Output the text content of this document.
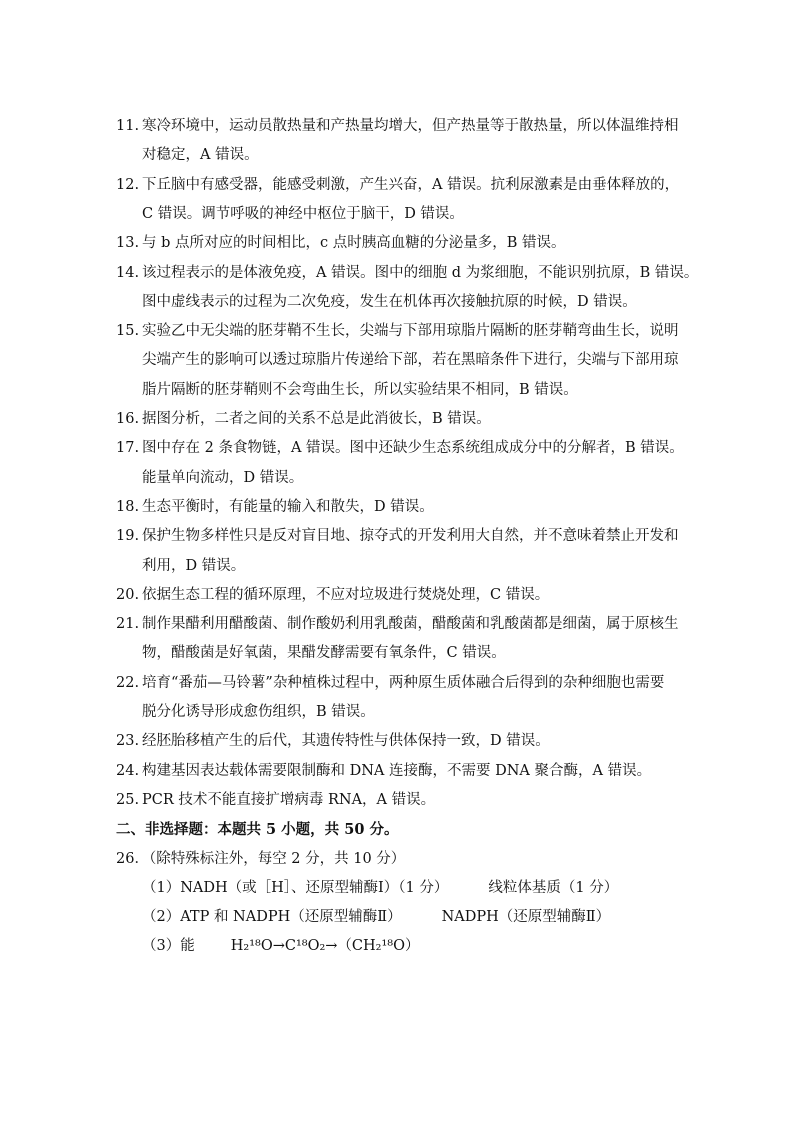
11. 寒冷环境中，运动员散热量和产热量均增大，但产热量等于散热量，所以体温维持相
对稳定，A 错误。
12. 下丘脑中有感受器，能感受刺激，产生兴奋，A 错误。抗利尿激素是由垂体释放的，
C 错误。调节呼吸的神经中枢位于脑干，D 错误。
13. 与 b 点所对应的时间相比，c 点时胰高血糖的分泌量多，B 错误。
14. 该过程表示的是体液免疫，A 错误。图中的细胞 d 为浆细胞，不能识别抗原，B 错误。
图中虚线表示的过程为二次免疫，发生在机体再次接触抗原的时候，D 错误。
15. 实验乙中无尖端的胚芽鞘不生长，尖端与下部用琼脂片隔断的胚芽鞘弯曲生长，说明
尖端产生的影响可以透过琼脂片传递给下部，若在黑暗条件下进行，尖端与下部用琼
脂片隔断的胚芽鞘则不会弯曲生长，所以实验结果不相同，B 错误。
16. 据图分析，二者之间的关系不总是此消彼长，B 错误。
17. 图中存在 2 条食物链，A 错误。图中还缺少生态系统组成成分中的分解者，B 错误。
能量单向流动，D 错误。
18. 生态平衡时，有能量的输入和散失，D 错误。
19. 保护生物多样性只是反对盲目地、掠夺式的开发利用大自然，并不意味着禁止开发和
利用，D 错误。
20. 依据生态工程的循环原理，不应对垃圾进行焚烧处理，C 错误。
21. 制作果醋利用醋酸菌、制作酸奶利用乳酸菌，醋酸菌和乳酸菌都是细菌，属于原核生
物，醋酸菌是好氧菌，果醋发酵需要有氧条件，C 错误。
22. 培育“番茄—马铃薯”杂种植株过程中，两种原生质体融合后得到的杂种细胞也需要
脱分化诱导形成愈伤组织，B 错误。
23. 经胚胎移植产生的后代，其遗传特性与供体保持一致，D 错误。
24. 构建基因表达载体需要限制酶和 DNA 连接酶，不需要 DNA 聚合酶，A 错误。
25. PCR 技术不能直接扩增病毒 RNA，A 错误。
二、非选择题：本题共 5 小题，共 50 分。
26．（除特殊标注外，每空 2 分，共 10 分）
（1）NADH（或［H］、还原型辅酶Ⅰ）（1 分）	线粒体基质（1 分）
（2）ATP 和 NADPH（还原型辅酶Ⅱ）	NADPH（还原型辅酶Ⅱ）
（3）能 H₂¹⁸O→C¹⁸O₂→（CH₂¹⁸O）
